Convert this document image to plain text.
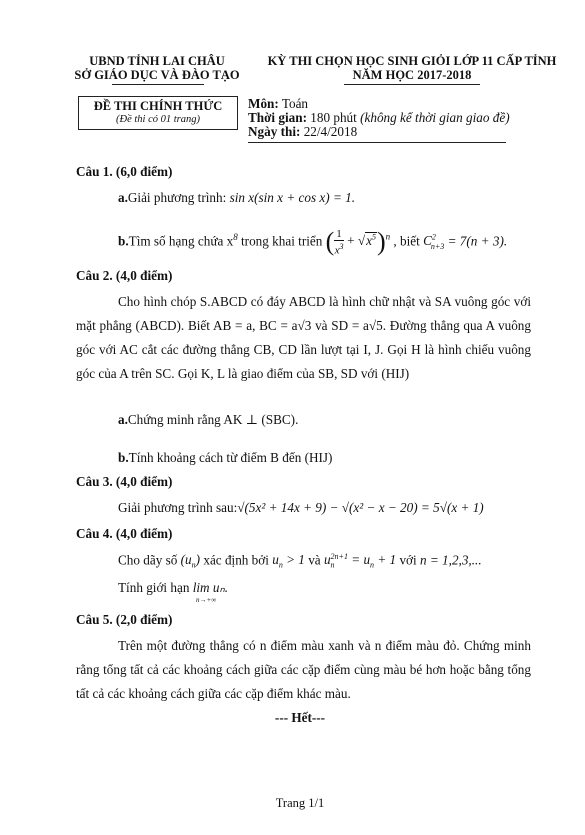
UBND TỈNH LAI CHÂU
SỞ GIÁO DỤC VÀ ĐÀO TẠO
KỲ THI CHỌN HỌC SINH GIỎI LỚP 11 CẤP TỈNH
NĂM HỌC 2017-2018
ĐỀ THI CHÍNH THỨC
(Đề thi có 01 trang)
Môn: Toán
Thời gian: 180 phút (không kể thời gian giao đề)
Ngày thi: 22/4/2018
Câu 1. (6,0 điểm)
a.Giải phương trình: sin x(sin x + cos x) = 1.
b.Tìm số hạng chứa $x^8$ trong khai triển ( $\frac{1}{x^3} + √x^5)^n$ , biết $C^2_{n+3} = 7(n + 3)$.
Câu 2. (4,0 điểm)
Cho hình chóp S.ABCD có đáy ABCD là hình chữ nhật và SA vuông góc với mặt phẳng (ABCD). Biết AB = a, BC = a√3 và SD = a√5. Đường thẳng qua A vuông góc với AC cắt các đường thẳng CB, CD lần lượt tại I, J. Gọi H là hình chiếu vuông góc của A trên SC. Gọi K, L là giao điểm của SB, SD với (HIJ)
a.Chứng minh rằng AK ⊥ (SBC).
b.Tính khoảng cách từ điểm B đến (HIJ)
Câu 3. (4,0 điểm)
Giải phương trình sau:√(5x² + 14x + 9) − √(x² − x − 20) = 5√(x + 1)
Câu 4. (4,0 điểm)
Cho dãy số $(u_n)$ xác định bởi $u_n > 1$ và $u_n^{2n+1} = u_n + 1$ với n = 1,2,3,...
Tính giới hạn lim uₙ.
n→+∞
Câu 5. (2,0 điểm)
Trên một đường thẳng có n điểm màu xanh và n điểm màu đỏ. Chứng minh rằng tổng tất cả các khoảng cách giữa các cặp điểm cùng màu bé hơn hoặc bằng tổng tất cả các khoảng cách giữa các cặp điểm khác màu.
--- Hết---
Trang 1/1
